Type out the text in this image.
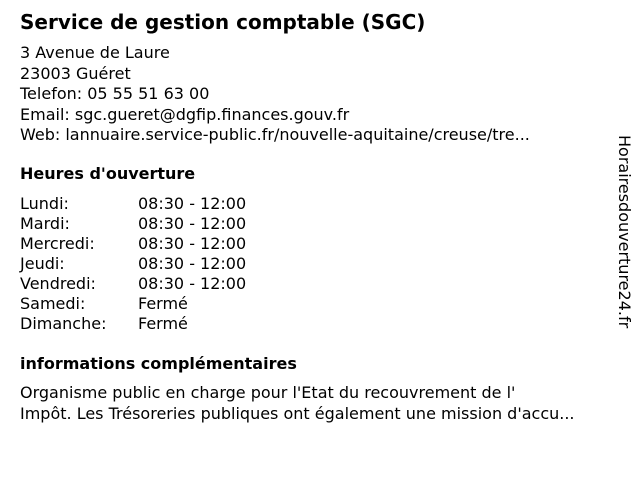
Service de gestion comptable (SGC)
3 Avenue de Laure
23003 Guéret
Telefon: 05 55 51 63 00
Email: sgc.gueret@dgfip.finances.gouv.fr
Web: lannuaire.service-public.fr/nouvelle-aquitaine/creuse/tre...
Heures d'ouverture
Lundi:	08:30 - 12:00
Mardi:	08:30 - 12:00
Mercredi:	08:30 - 12:00
Jeudi:	08:30 - 12:00
Vendredi:	08:30 - 12:00
Samedi:	Fermé
Dimanche:	Fermé
informations complémentaires
Organisme public en charge pour l'Etat du recouvrement de l'
Impôt. Les Trésoreries publiques ont également une mission d'accu...
Horairesdouverture24.fr
